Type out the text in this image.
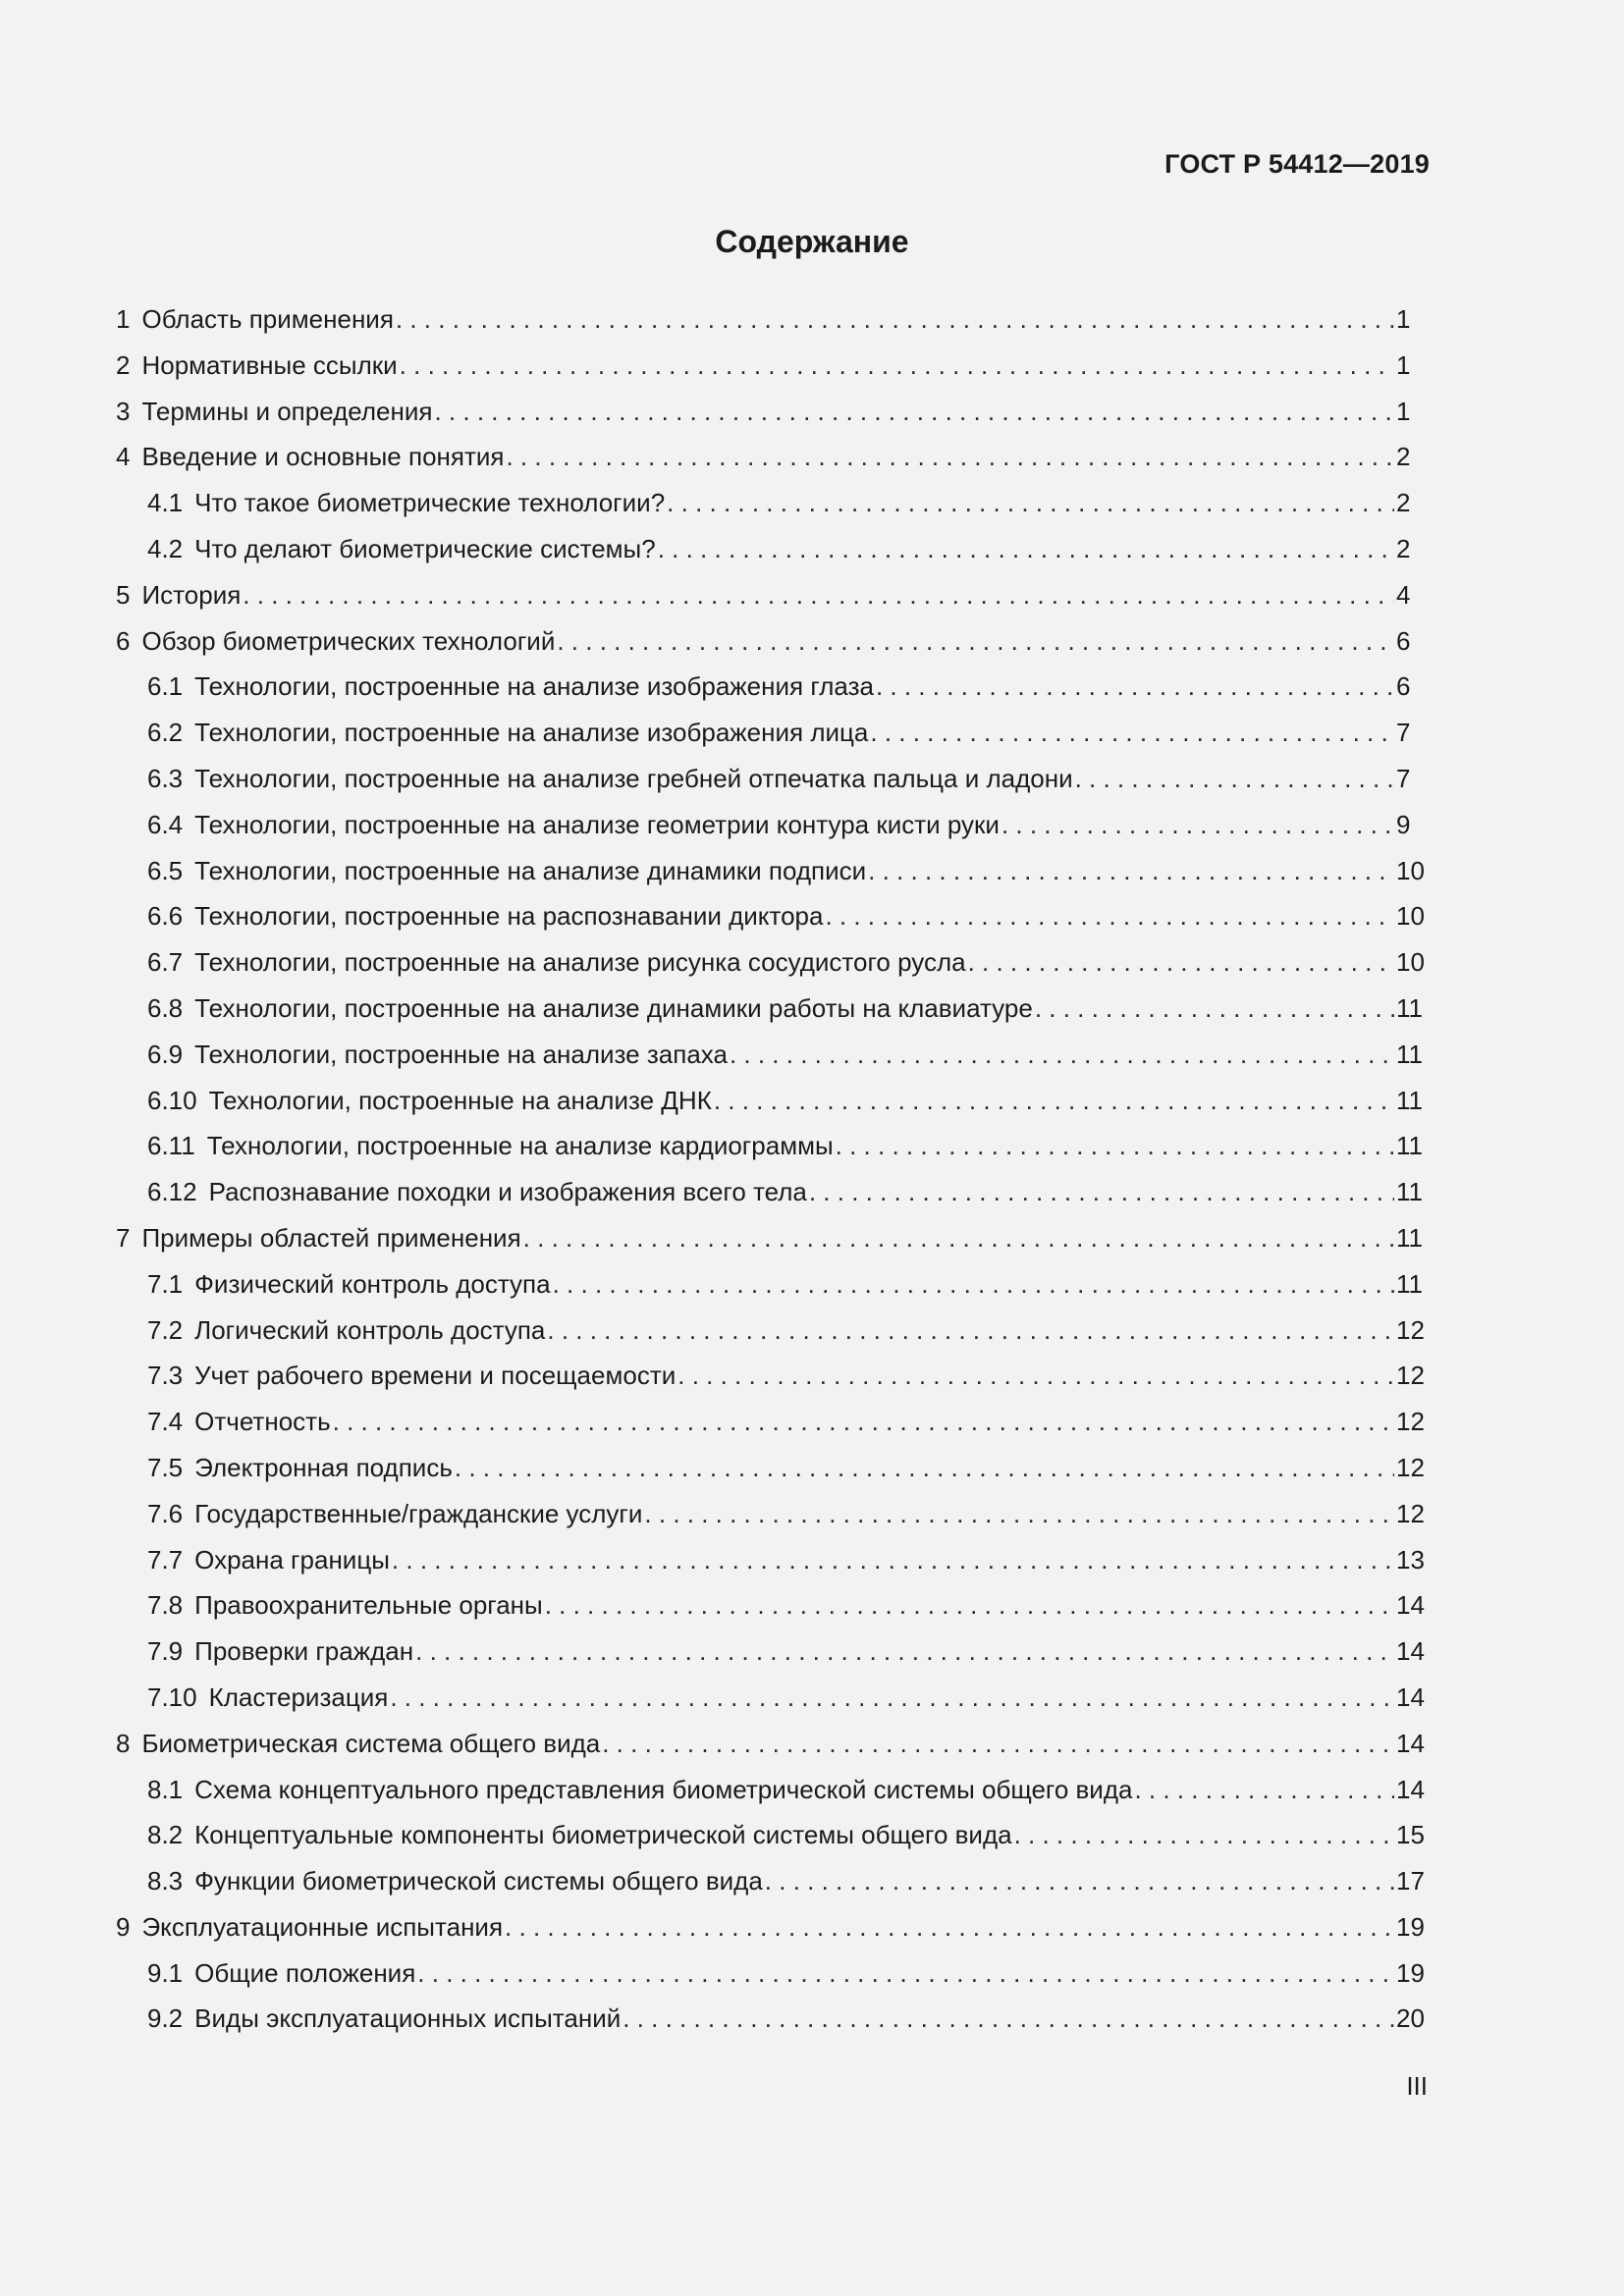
ГОСТ Р 54412—2019
Содержание
1 Область применения . . .	1
2 Нормативные ссылки . . .	1
3 Термины и определения . . .	1
4 Введение и основные понятия . . .	2
4.1 Что такое биометрические технологии? . . .	2
4.2 Что делают биометрические системы? . . .	2
5 История . . .	4
6 Обзор биометрических технологий . . .	6
6.1 Технологии, построенные на анализе изображения глаза . . .	6
6.2 Технологии, построенные на анализе изображения лица . . .	7
6.3 Технологии, построенные на анализе гребней отпечатка пальца и ладони . . .	7
6.4 Технологии, построенные на анализе геометрии контура кисти руки . . .	9
6.5 Технологии, построенные на анализе динамики подписи . . .	10
6.6 Технологии, построенные на распознавании диктора . . .	10
6.7 Технологии, построенные на анализе рисунка сосудистого русла . . .	10
6.8 Технологии, построенные на анализе динамики работы на клавиатуре . . .	11
6.9 Технологии, построенные на анализе запаха . . .	11
6.10 Технологии, построенные на анализе ДНК . . .	11
6.11 Технологии, построенные на анализе кардиограммы . . .	11
6.12 Распознавание походки и изображения всего тела . . .	11
7 Примеры областей применения . . .	11
7.1 Физический контроль доступа . . .	11
7.2 Логический контроль доступа . . .	12
7.3 Учет рабочего времени и посещаемости . . .	12
7.4 Отчетность . . .	12
7.5 Электронная подпись . . .	12
7.6 Государственные/гражданские услуги . . .	12
7.7 Охрана границы . . .	13
7.8 Правоохранительные органы . . .	14
7.9 Проверки граждан . . .	14
7.10 Кластеризация . . .	14
8 Биометрическая система общего вида . . .	14
8.1 Схема концептуального представления биометрической системы общего вида . . .	14
8.2 Концептуальные компоненты биометрической системы общего вида . . .	15
8.3 Функции биометрической системы общего вида . . .	17
9 Эксплуатационные испытания . . .	19
9.1 Общие положения . . .	19
9.2 Виды эксплуатационных испытаний . . .	20
III
